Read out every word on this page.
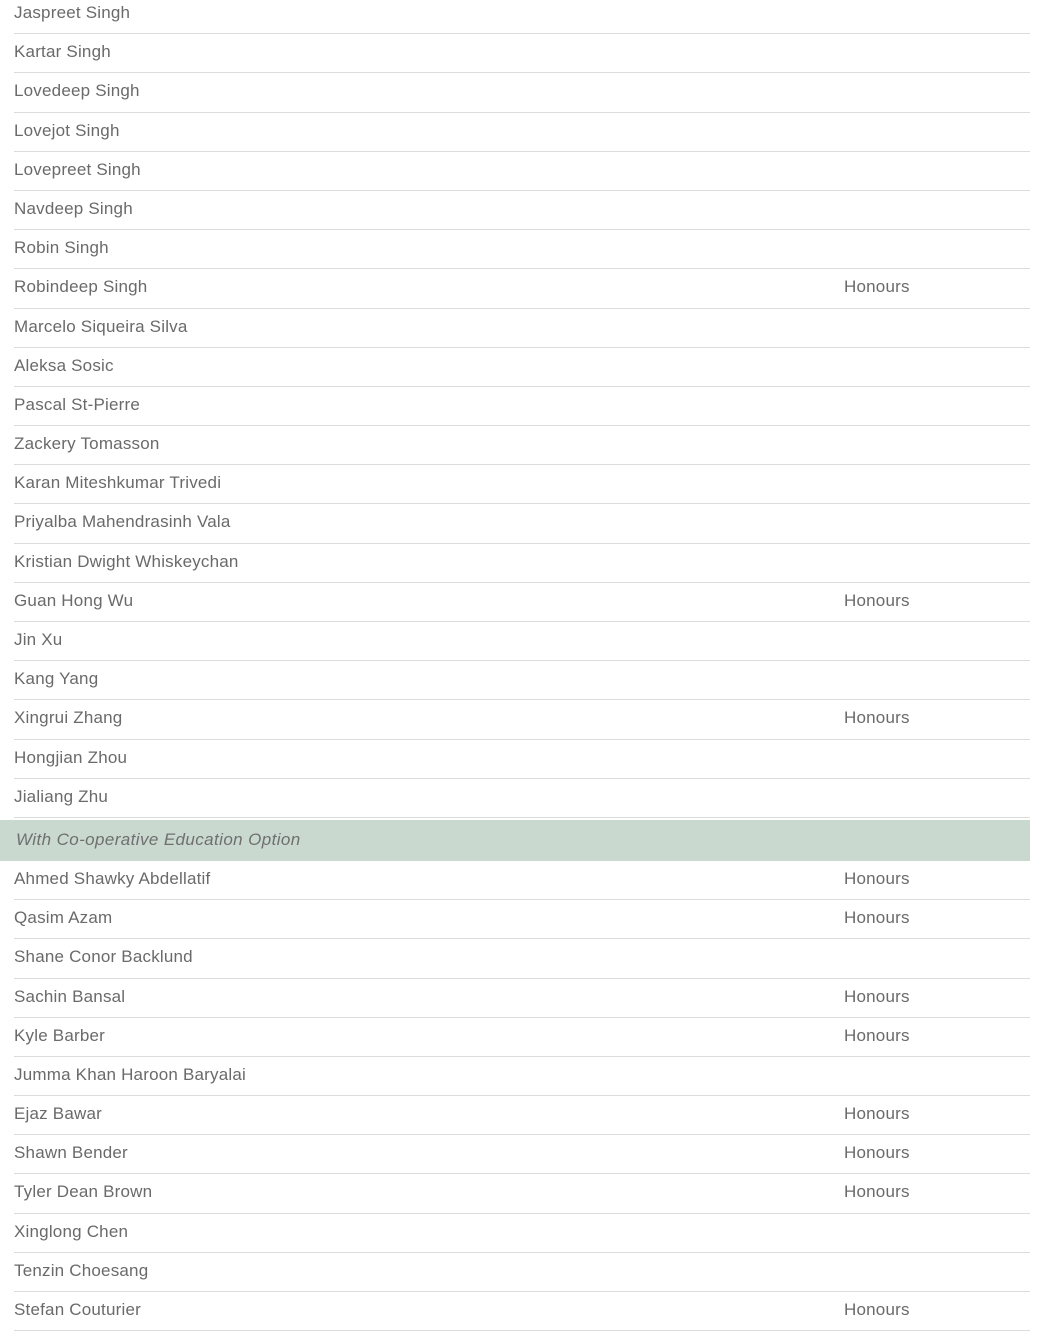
Jaspreet Singh
Kartar Singh
Lovedeep Singh
Lovejot Singh
Lovepreet Singh
Navdeep Singh
Robin Singh
Robindeep Singh	Honours
Marcelo Siqueira Silva
Aleksa Sosic
Pascal St-Pierre
Zackery Tomasson
Karan Miteshkumar Trivedi
Priyalba Mahendrasinh Vala
Kristian Dwight Whiskeychan
Guan Hong Wu	Honours
Jin Xu
Kang Yang
Xingrui Zhang	Honours
Hongjian Zhou
Jialiang Zhu
With Co-operative Education Option
Ahmed Shawky Abdellatif	Honours
Qasim Azam	Honours
Shane Conor Backlund
Sachin Bansal	Honours
Kyle Barber	Honours
Jumma Khan Haroon Baryalai
Ejaz Bawar	Honours
Shawn Bender	Honours
Tyler Dean Brown	Honours
Xinglong Chen
Tenzin Choesang
Stefan Couturier	Honours
